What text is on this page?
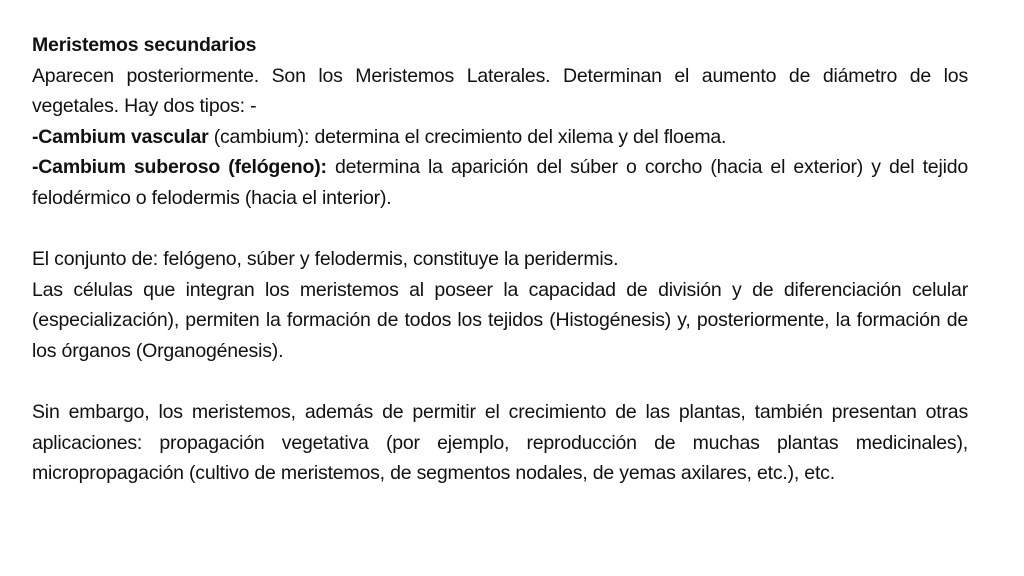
Meristemos secundarios

Aparecen posteriormente. Son los Meristemos Laterales. Determinan el aumento de diámetro de los vegetales. Hay dos tipos: -

-Cambium vascular (cambium): determina el crecimiento del xilema y del floema.

-Cambium suberoso (felógeno): determina la aparición del súber o corcho (hacia el exterior) y del tejido felodérmico o felodermis (hacia el interior).

El conjunto de: felógeno, súber y felodermis, constituye la peridermis.

Las células que integran los meristemos al poseer la capacidad de división y de diferenciación celular (especialización), permiten la formación de todos los tejidos (Histogénesis) y, posteriormente, la formación de los órganos (Organogénesis).

Sin embargo, los meristemos, además de permitir el crecimiento de las plantas, también presentan otras aplicaciones: propagación vegetativa (por ejemplo, reproducción de muchas plantas medicinales), micropropagación (cultivo de meristemos, de segmentos nodales, de yemas axilares, etc.), etc.
